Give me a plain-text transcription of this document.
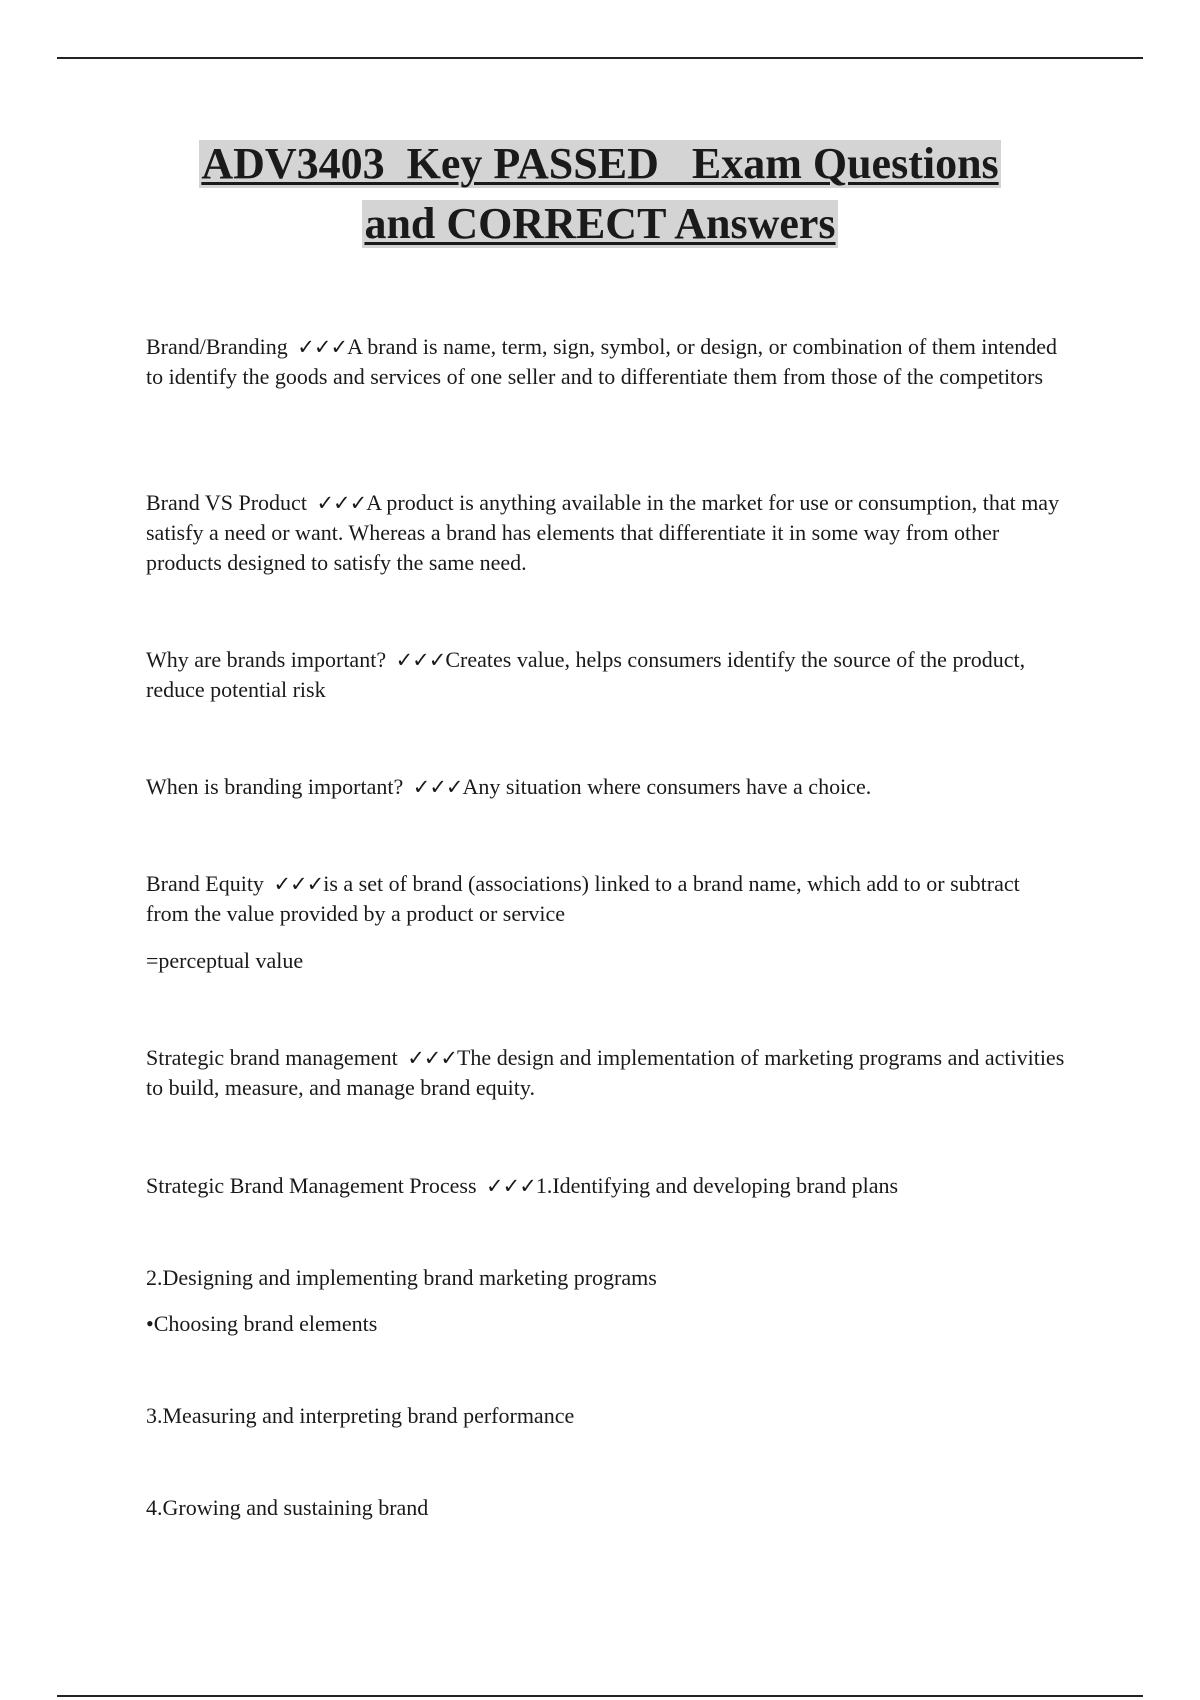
ADV3403  Key PASSED   Exam Questions
and CORRECT Answers

Brand/Branding ✓✓✓A brand is name, term, sign, symbol, or design, or combination of them intended to identify the goods and services of one seller and to differentiate them from those of the competitors

Brand VS Product ✓✓✓A product is anything available in the market for use or consumption, that may satisfy a need or want. Whereas a brand has elements that differentiate it in some way from other products designed to satisfy the same need.

Why are brands important? ✓✓✓Creates value, helps consumers identify the source of the product, reduce potential risk

When is branding important? ✓✓✓Any situation where consumers have a choice.

Brand Equity ✓✓✓is a set of brand (associations) linked to a brand name, which add to or subtract from the value provided by a product or service

=perceptual value

Strategic brand management ✓✓✓The design and implementation of marketing programs and activities to build, measure, and manage brand equity.

Strategic Brand Management Process ✓✓✓1.Identifying and developing brand plans

2.Designing and implementing brand marketing programs

•Choosing brand elements

3.Measuring and interpreting brand performance

4.Growing and sustaining brand
